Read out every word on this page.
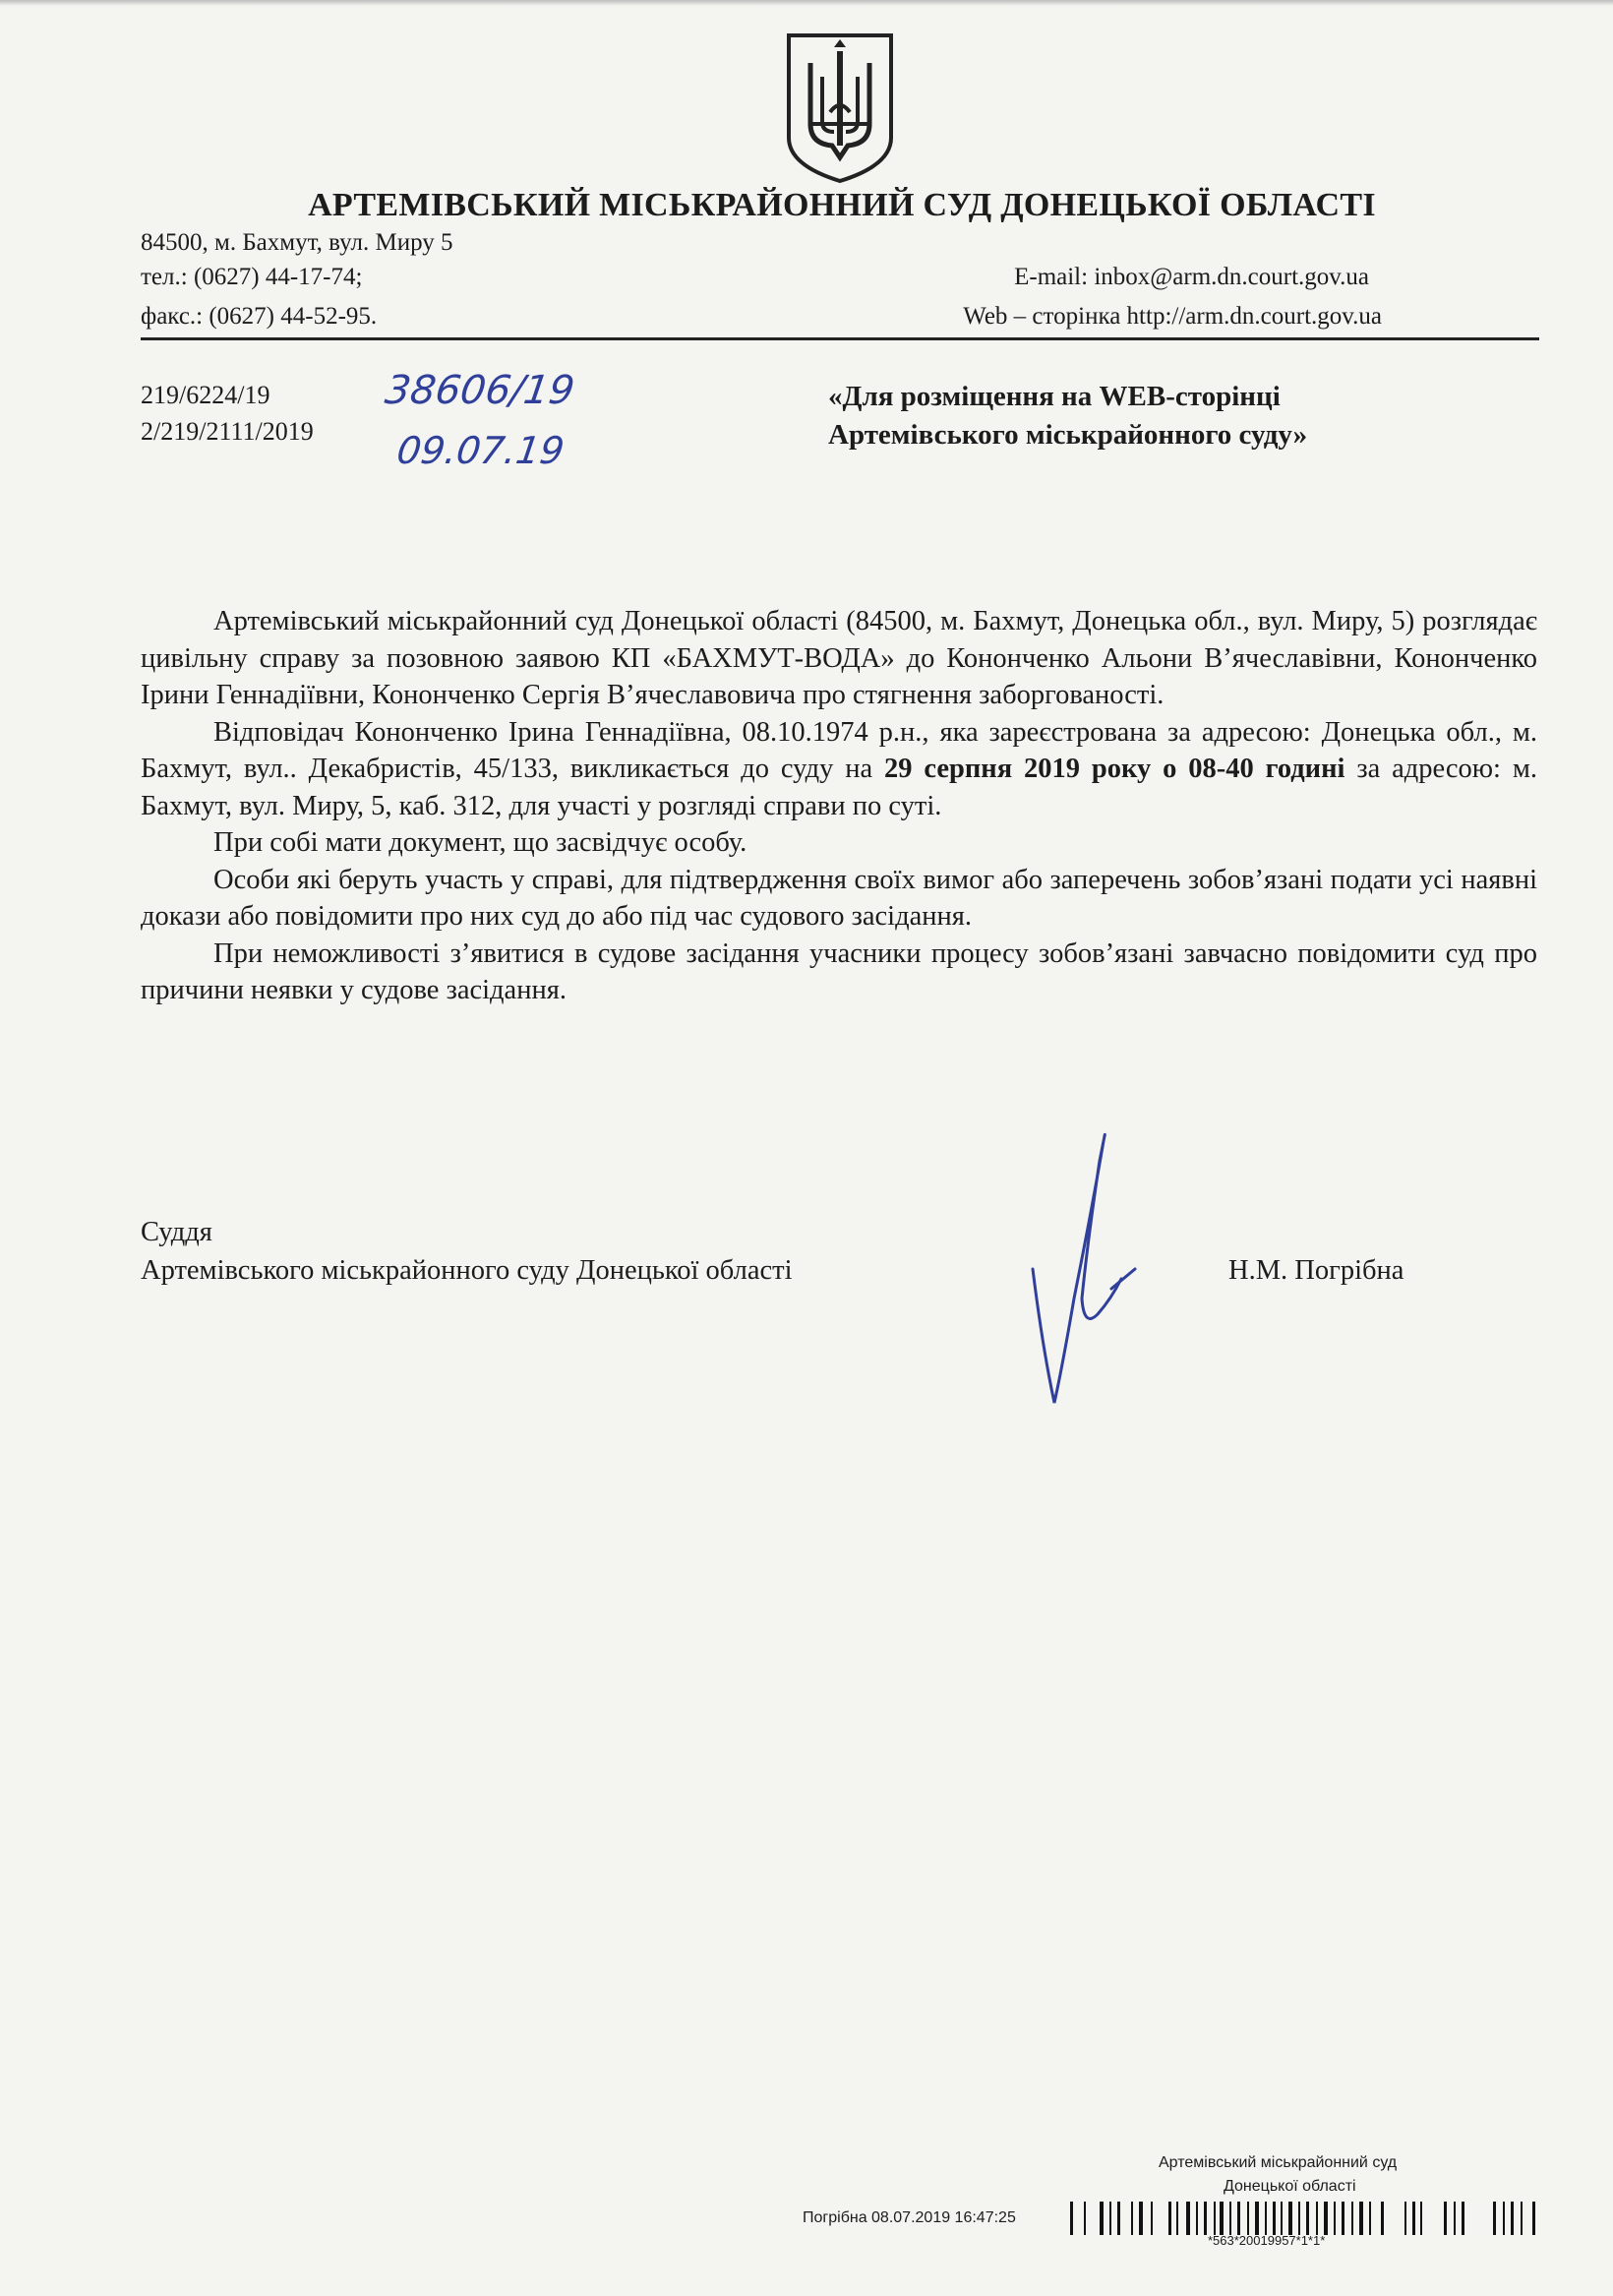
АРТЕМІВСЬКИЙ МІСЬКРАЙОННИЙ СУД ДОНЕЦЬКОЇ ОБЛАСТІ
84500, м. Бахмут, вул. Миру 5
тел.: (0627) 44-17-74;	E-mail: inbox@arm.dn.court.gov.ua
факс.: (0627) 44-52-95.	Web – сторінка http://arm.dn.court.gov.ua
219/6224/19
2/219/2111/2019
38606/19
09.07.19
«Для розміщення на WEB-сторінці
Артемівського міськрайонного суду»

Артемівський міськрайонний суд Донецької області (84500, м. Бахмут, Донецька обл., вул. Миру, 5) розглядає цивільну справу за позовною заявою КП «БАХМУТ-ВОДА» до Кононченко Альони В’ячеславівни, Кононченко Ірини Геннадіївни, Кононченко Сергія В’ячеславовича про стягнення заборгованості.

Відповідач Кононченко Ірина Геннадіївна, 08.10.1974 р.н., яка зареєстрована за адресою: Донецька обл., м. Бахмут, вул.. Декабристів, 45/133, викликається до суду на 29 серпня 2019 року о 08-40 годині за адресою: м. Бахмут, вул. Миру, 5, каб. 312, для участі у розгляді справи по суті.

При собі мати документ, що засвідчує особу.

Особи які беруть участь у справі, для підтвердження своїх вимог або заперечень зобов’язані подати усі наявні докази або повідомити про них суд до або під час судового засідання.

При неможливості з’явитися в судове засідання учасники процесу зобов’язані завчасно повідомити суд про причини неявки у судове засідання.

Суддя
Артемівського міськрайонного суду Донецької області	Н.М. Погрібна
Артемівський міськрайонний суд
Донецької області
Погрібна 08.07.2019 16:47:25
*563*20019957*1*1*
